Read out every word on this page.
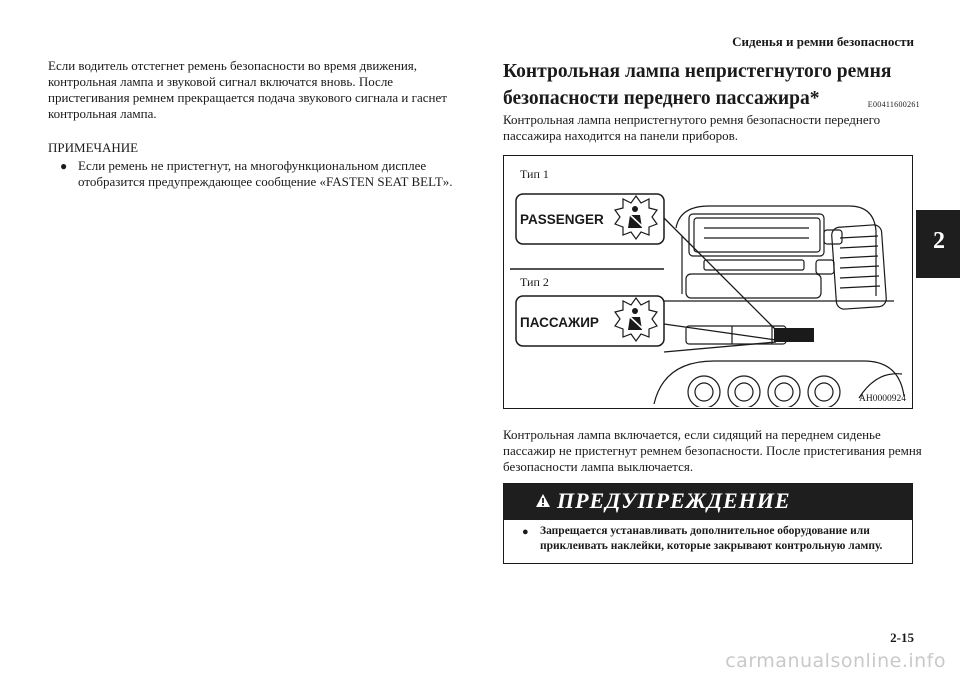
Сиденья и ремни безопасности

Если водитель отстегнет ремень безопасности во время движения, контрольная лампа и звуковой сигнал включатся вновь. После пристегивания ремнем прекращается подача звукового сигнала и гаснет контрольная лампа.

ПРИМЕЧАНИЕ

● Если ремень не пристегнут, на многофункциональном дисплее отобразится предупреждающее сообщение «FASTEN SEAT BELT».
Контрольная лампа непристегнутого ремня безопасности переднего пассажира*	E00411600261
Контрольная лампа непристегнутого ремня безопасности переднего пассажира находится на панели приборов.
Тип 1
PASSENGER
Тип 2
ПАССАЖИР
AH0000924
Контрольная лампа включается, если сидящий на переднем сиденье пассажир не пристегнут ремнем безопасности. После пристегивания ремня безопасности лампа выключается.
ПРЕДУПРЕЖДЕНИЕ
● Запрещается устанавливать дополнительное оборудование или приклеивать наклейки, которые закрывают контрольную лампу.
2
2-15
carmanualsonline.info
